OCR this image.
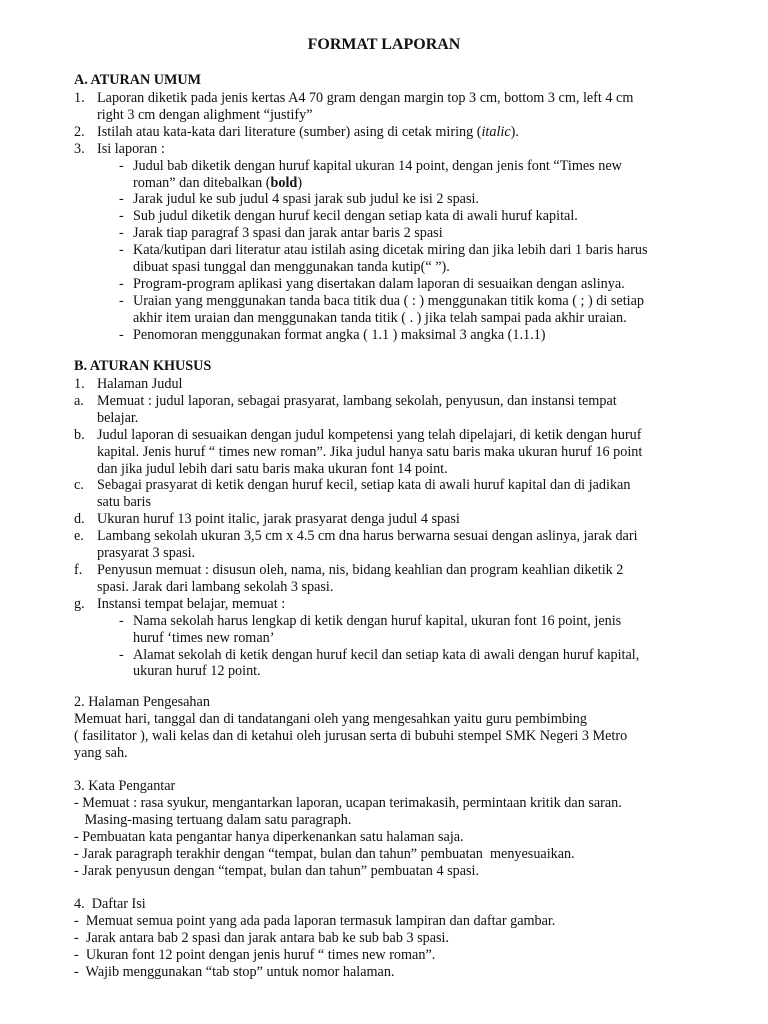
FORMAT LAPORAN
A. ATURAN UMUM
1. Laporan diketik pada jenis kertas A4 70 gram dengan margin top 3 cm, bottom 3 cm, left 4 cm
right 3 cm dengan alighment “justify”
2. Istilah atau kata-kata dari literature (sumber) asing di cetak miring (italic).
3. Isi laporan :
- Judul bab diketik dengan huruf kapital ukuran 14 point, dengan jenis font “Times new
roman” dan ditebalkan (bold)
- Jarak judul ke sub judul 4 spasi jarak sub judul ke isi 2 spasi.
- Sub judul diketik dengan huruf kecil dengan setiap kata di awali huruf kapital.
- Jarak tiap paragraf 3 spasi dan jarak antar baris 2 spasi
- Kata/kutipan dari literatur atau istilah asing dicetak miring dan jika lebih dari 1 baris harus
dibuat spasi tunggal dan menggunakan tanda kutip(“ ”).
- Program-program aplikasi yang disertakan dalam laporan di sesuaikan dengan aslinya.
- Uraian yang menggunakan tanda baca titik dua ( : ) menggunakan titik koma ( ; ) di setiap
akhir item uraian dan menggunakan tanda titik ( . ) jika telah sampai pada akhir uraian.
- Penomoran menggunakan format angka ( 1.1 ) maksimal 3 angka (1.1.1)
B. ATURAN KHUSUS
1. Halaman Judul
a. Memuat : judul laporan, sebagai prasyarat, lambang sekolah, penyusun, dan instansi tempat
belajar.
b. Judul laporan di sesuaikan dengan judul kompetensi yang telah dipelajari, di ketik dengan huruf
kapital. Jenis huruf “ times new roman”. Jika judul hanya satu baris maka ukuran huruf 16 point
dan jika judul lebih dari satu baris maka ukuran font 14 point.
c. Sebagai prasyarat di ketik dengan huruf kecil, setiap kata di awali huruf kapital dan di jadikan
satu baris
d. Ukuran huruf 13 point italic, jarak prasyarat denga judul 4 spasi
e. Lambang sekolah ukuran 3,5 cm x 4.5 cm dna harus berwarna sesuai dengan aslinya, jarak dari
prasyarat 3 spasi.
f.	Penyusun memuat : disusun oleh, nama, nis, bidang keahlian dan program keahlian diketik 2
spasi. Jarak dari lambang sekolah 3 spasi.
g. Instansi tempat belajar, memuat :
- Nama sekolah harus lengkap di ketik dengan huruf kapital, ukuran font 16 point, jenis
huruf ‘times new roman’
- Alamat sekolah di ketik dengan huruf kecil dan setiap kata di awali dengan huruf kapital,
ukuran huruf 12 point.
2. Halaman Pengesahan
Memuat hari, tanggal dan di tandatangani oleh yang mengesahkan yaitu guru pembimbing
( fasilitator ), wali kelas dan di ketahui oleh jurusan serta di bubuhi stempel SMK Negeri 3 Metro
yang sah.
3. Kata Pengantar
- Memuat : rasa syukur, mengantarkan laporan, ucapan terimakasih, permintaan kritik dan saran.
Masing-masing tertuang dalam satu paragraph.
- Pembuatan kata pengantar hanya diperkenankan satu halaman saja.
- Jarak paragraph terakhir dengan “tempat, bulan dan tahun” pembuatan  menyesuaikan.
- Jarak penyusun dengan “tempat, bulan dan tahun” pembuatan 4 spasi.
4.  Daftar Isi
-  Memuat semua point yang ada pada laporan termasuk lampiran dan daftar gambar.
-  Jarak antara bab 2 spasi dan jarak antara bab ke sub bab 3 spasi.
-  Ukuran font 12 point dengan jenis huruf “ times new roman”.
-  Wajib menggunakan “tab stop” untuk nomor halaman.
